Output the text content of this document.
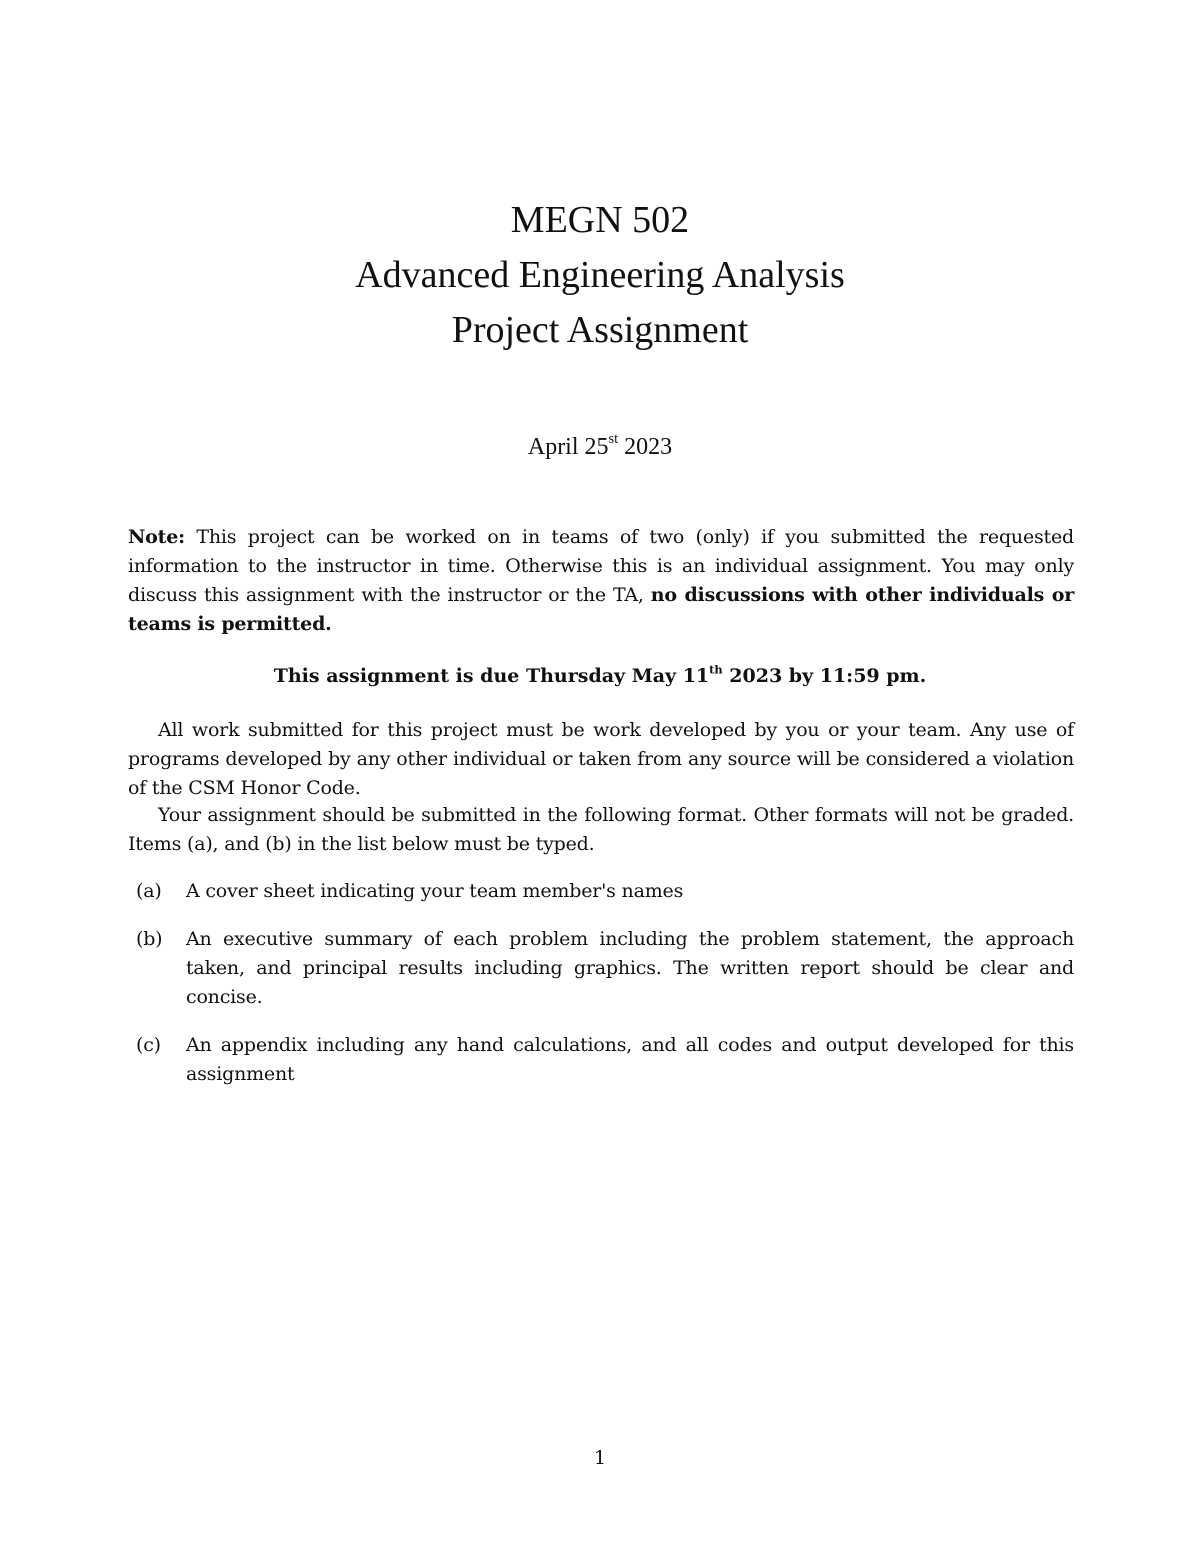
MEGN 502
Advanced Engineering Analysis
Project Assignment
April 25st 2023
Note: This project can be worked on in teams of two (only) if you submitted the requested information to the instructor in time. Otherwise this is an individual assignment. You may only discuss this assignment with the instructor or the TA, no discussions with other individuals or teams is permitted.
This assignment is due Thursday May 11th 2023 by 11:59 pm.
All work submitted for this project must be work developed by you or your team. Any use of programs developed by any other individual or taken from any source will be considered a violation of the CSM Honor Code.
Your assignment should be submitted in the following format. Other formats will not be graded. Items (a), and (b) in the list below must be typed.
(a) A cover sheet indicating your team member's names
(b) An executive summary of each problem including the problem statement, the approach taken, and principal results including graphics. The written report should be clear and concise.
(c) An appendix including any hand calculations, and all codes and output developed for this assignment
1
